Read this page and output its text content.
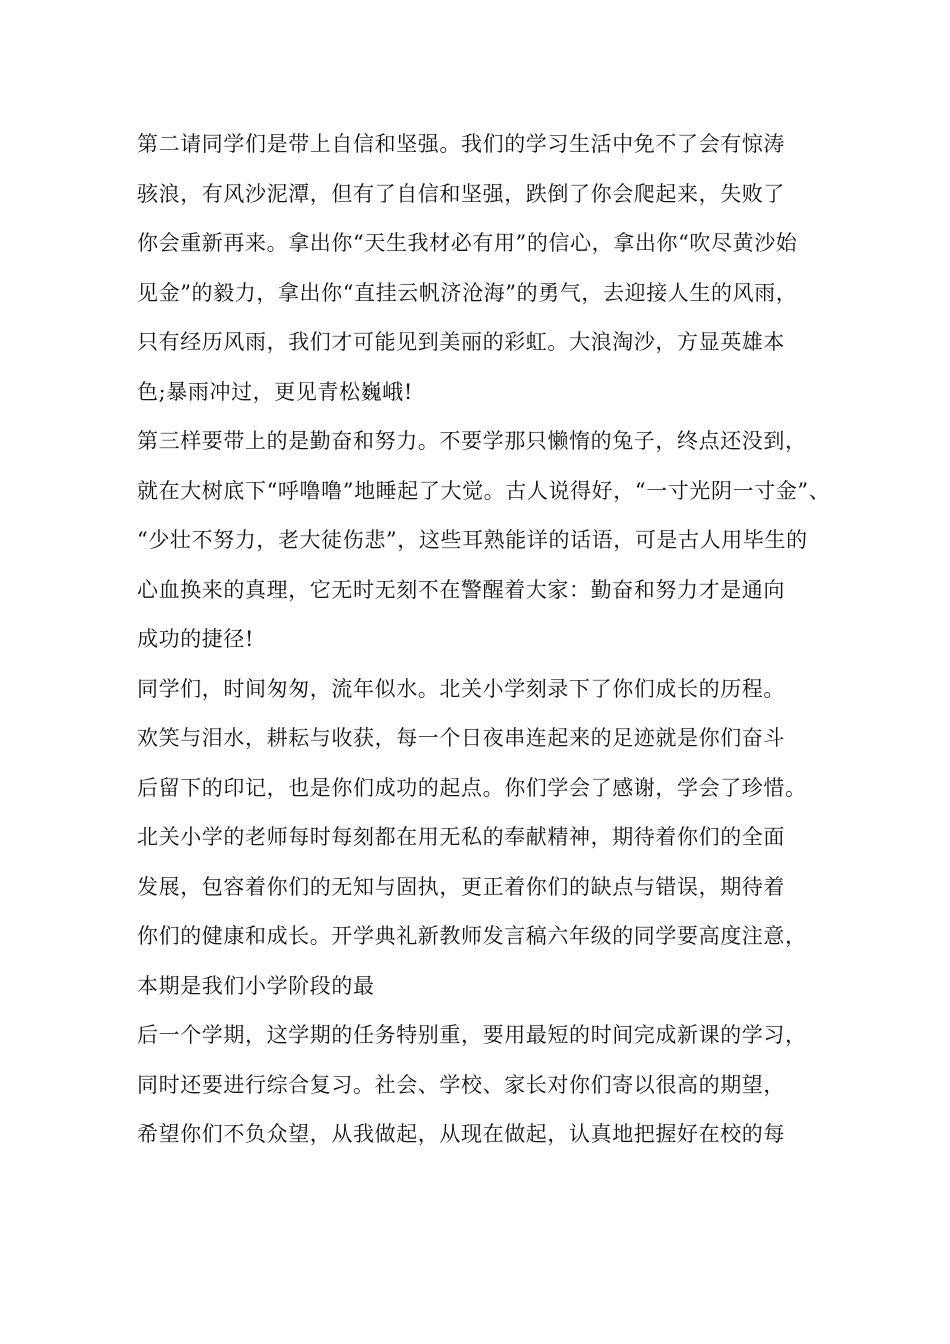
第二请同学们是带上自信和坚强。我们的学习生活中免不了会有惊涛
骇浪，有风沙泥潭，但有了自信和坚强，跌倒了你会爬起来，失败了
你会重新再来。拿出你“天生我材必有用”的信心，拿出你“吹尽黄沙始
见金”的毅力，拿出你“直挂云帆济沧海”的勇气，去迎接人生的风雨，
只有经历风雨，我们才可能见到美丽的彩虹。大浪淘沙，方显英雄本
色;暴雨冲过，更见青松巍峨!
第三样要带上的是勤奋和努力。不要学那只懒惰的兔子，终点还没到，
就在大树底下“呼噜噜”地睡起了大觉。古人说得好，“一寸光阴一寸金”、
“少壮不努力，老大徒伤悲”，这些耳熟能详的话语，可是古人用毕生的
心血换来的真理，它无时无刻不在警醒着大家：勤奋和努力才是通向
成功的捷径!
同学们，时间匆匆，流年似水。北关小学刻录下了你们成长的历程。
欢笑与泪水，耕耘与收获，每一个日夜串连起来的足迹就是你们奋斗
后留下的印记，也是你们成功的起点。你们学会了感谢，学会了珍惜。
北关小学的老师每时每刻都在用无私的奉献精神，期待着你们的全面
发展，包容着你们的无知与固执，更正着你们的缺点与错误，期待着
你们的健康和成长。开学典礼新教师发言稿六年级的同学要高度注意，
本期是我们小学阶段的最
后一个学期，这学期的任务特别重，要用最短的时间完成新课的学习，
同时还要进行综合复习。社会、学校、家长对你们寄以很高的期望，
希望你们不负众望，从我做起，从现在做起，认真地把握好在校的每
